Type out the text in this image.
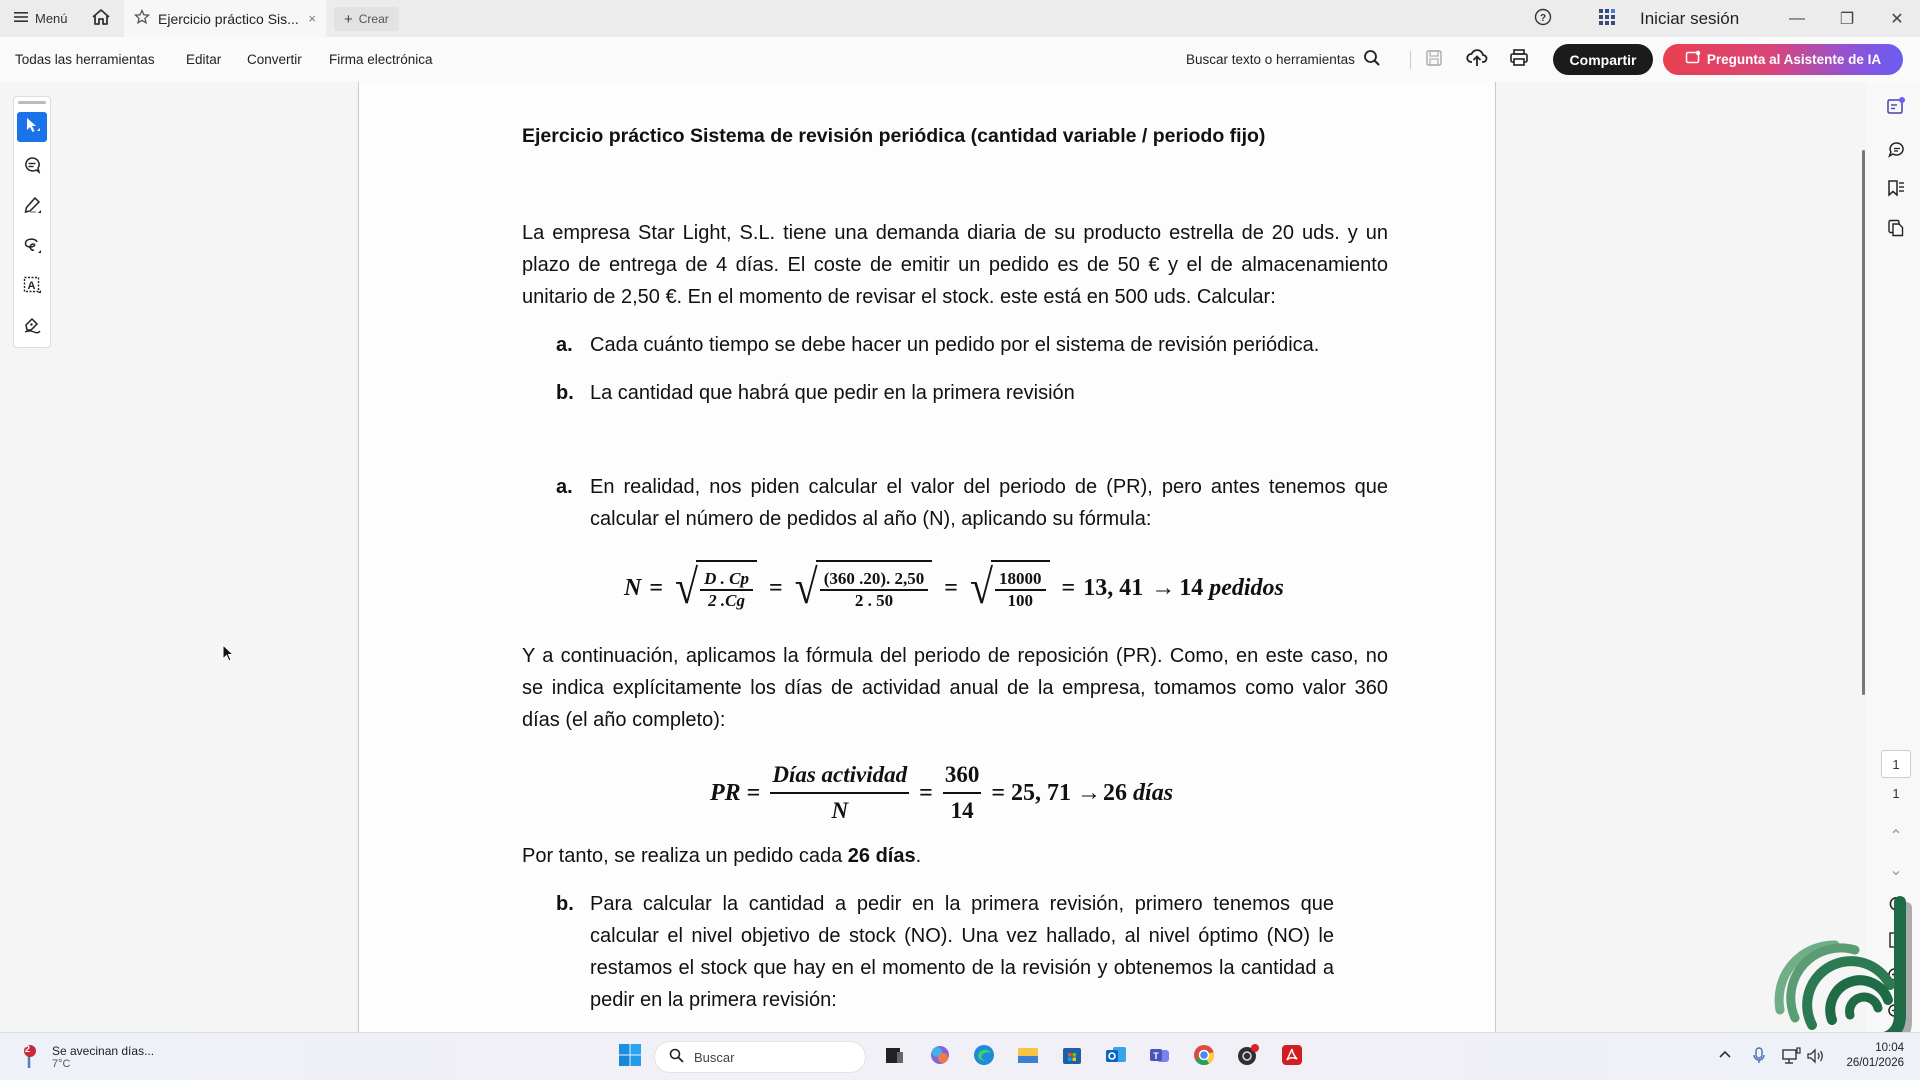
Menú	Ejercicio práctico Sis... × + Crear	?	Iniciar sesión	—	❐	✕
Todas las herramientas Editar Convertir Firma electrónica	Buscar texto o herramientas	Compartir	Pregunta al Asistente de IA
A
Ejercicio práctico Sistema de revisión periódica (cantidad variable / periodo fijo)
La empresa Star Light, S.L. tiene una demanda diaria de su producto estrella de 20 uds. y un plazo de entrega de 4 días. El coste de emitir un pedido es de 50 € y el de almacenamiento unitario de 2,50 €. En el momento de revisar el stock. este está en 500 uds. Calcular:
a. Cada cuánto tiempo se debe hacer un pedido por el sistema de revisión periódica.
b. La cantidad que habrá que pedir en la primera revisión
a. En realidad, nos piden calcular el valor del periodo de (PR), pero antes tenemos que calcular el número de pedidos al año (N), aplicando su fórmula:
N = √ $\frac{D . Cp}{2 .Cg}$ = √ $\frac{(360 .20). 2,50}{2 . 50}$ = √ $\frac{18000}{100} = 13$, 41 → 14 pedidos
Y a continuación, aplicamos la fórmula del periodo de reposición (PR). Como, en este caso, no se indica explícitamente los días de actividad anual de la empresa, tomamos como valor 360 días (el año completo):
PR = $\frac{\text{Días actividad}}{N} = \frac{360}{14} = 25$, 71 → 26 días
Por tanto, se realiza un pedido cada 26 días.
b. Para calcular la cantidad a pedir en la primera revisión, primero tenemos que calcular el nivel objetivo de stock (NO). Una vez hallado, al nivel óptimo (NO) le restamos el stock que hay en el momento de la revisión y obtenemos la cantidad a pedir en la primera revisión:
1
1
⌃
⌄
2 Se avecinan días...
7°C	Buscar	T
10:04
26/01/2026
